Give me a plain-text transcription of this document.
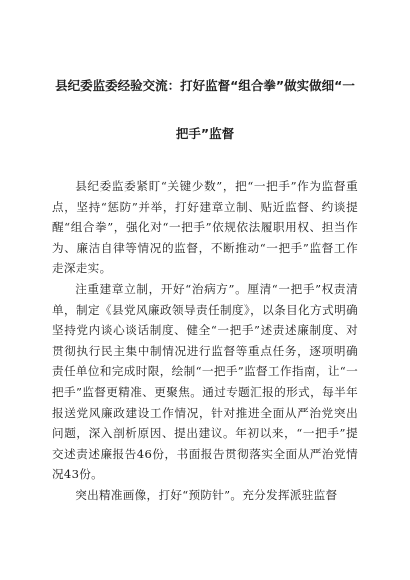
县纪委监委经验交流：打好监督“组合拳”做实做细“一
把手”监督

县纪委监委紧盯“关键少数”，把“一把手”作为监督重点，坚持“惩防”并举，打好建章立制、贴近监督、约谈提醒“组合拳”，强化对“一把手”依规依法履职用权、担当作为、廉洁自律等情况的监督，不断推动“一把手”监督工作走深走实。

注重建章立制，开好“治病方”。厘清“一把手”权责清单，制定《县党风廉政领导责任制度》，以条目化方式明确坚持党内谈心谈话制度、健全“一把手”述责述廉制度、对贯彻执行民主集中制情况进行监督等重点任务，逐项明确责任单位和完成时限，绘制“一把手”监督工作指南，让“一把手”监督更精准、更聚焦。通过专题汇报的形式，每半年报送党风廉政建设工作情况，针对推进全面从严治党突出问题，深入剖析原因、提出建议。年初以来，“一把手”提交述责述廉报告46份，书面报告贯彻落实全面从严治党情况43份。

突出精准画像，打好“预防针”。充分发挥派驻监督
